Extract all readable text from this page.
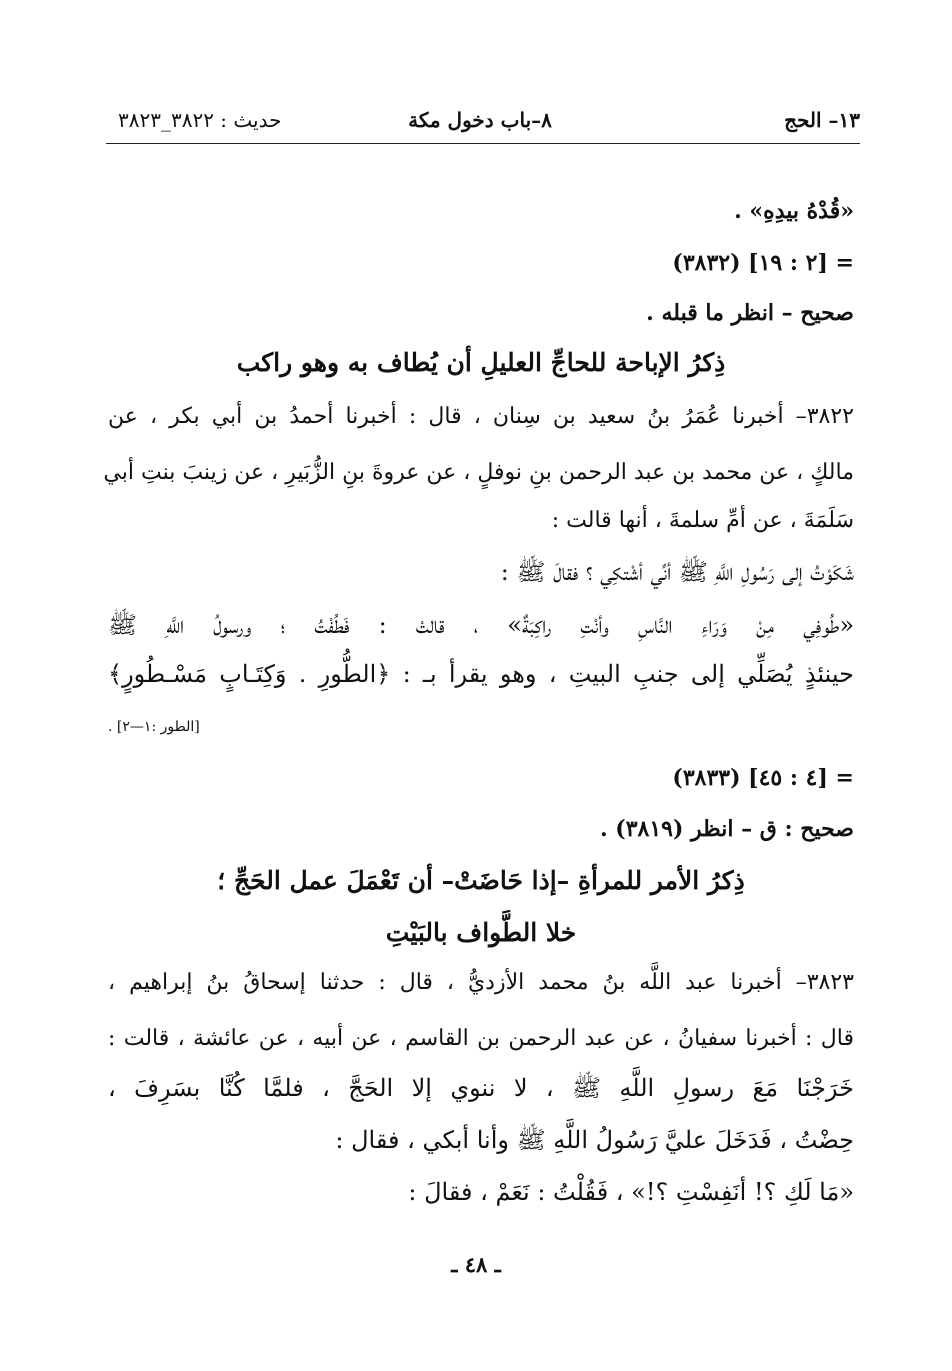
١٣– الحج
٨–باب دخول مكة
حديث : ٣٨٢٢_٣٨٢٣
«قُدْهُ بيدِهِ» .
= [٢ : ١٩] (٣٨٣٢)
صحيح – انظر ما قبله .
ذِكرُ الإباحة للحاجِّ العليلِ أن يُطاف به وهو راكب
٣٨٢٢– أخبرنا عُمَرُ بنُ سعيد بن سِنان ، قال : أخبرنا أحمدُ بن أبي بكر ، عن
مالكٍ ، عن محمد بن عبد الرحمن بنِ نوفلٍ ، عن عروةَ بنِ الزُّبَيرِ ، عن زينبَ بنتِ أبي
سَلَمَةَ ، عن أمِّ سلمةَ ، أنها قالت :
شَكَوْتُ إلى رَسُولِ اللَّهِ ﷺ أنِّي أشْتكِي ؟ فقالَ ﷺ :
«طُوفِي مِنْ وَرَاءِ النَّاسِ وأنْتِ راكِبَةٌ» ، قالتْ : فَطُفْتُ ؛ ورسولُ اللَّهِ ﷺ
حينئذٍ يُصَلِّي إلى جنبِ البيتِ ، وهو يقرأ بـ : ﴿الطُّورِ . وَكِتَـابٍ مَسْـطُورٍ﴾
[الطور :١—٢] .
= [٤ : ٤٥] (٣٨٣٣)
صحيح : ق – انظر (٣٨١٩) .
ذِكرُ الأمر للمرأةِ –إذا حَاضَتْ– أن تَعْمَلَ عمل الحَجِّ ؛
خلا الطَّواف بالبَيْتِ
٣٨٢٣– أخبرنا عبد اللَّه بنُ محمد الأزديُّ ، قال : حدثنا إسحاقُ بنُ إبراهيم ،
قال : أخبرنا سفيانُ ، عن عبد الرحمن بن القاسم ، عن أبيه ، عن عائشة ، قالت :
خَرَجْنَا مَعَ رسولِ اللَّهِ ﷺ ، لا ننوي إلا الحَجَّ ، فلمَّا كُنَّا بسَرِفَ ،
حِضْتُ ، فَدَخَلَ عليَّ رَسُولُ اللَّهِ ﷺ وأنا أبكي ، فقال :
«مَا لَكِ ؟! أنَفِسْتِ ؟!» ، فَقُلْتُ : نَعَمْ ، فقالَ :
ـ ٤٨ ـ
